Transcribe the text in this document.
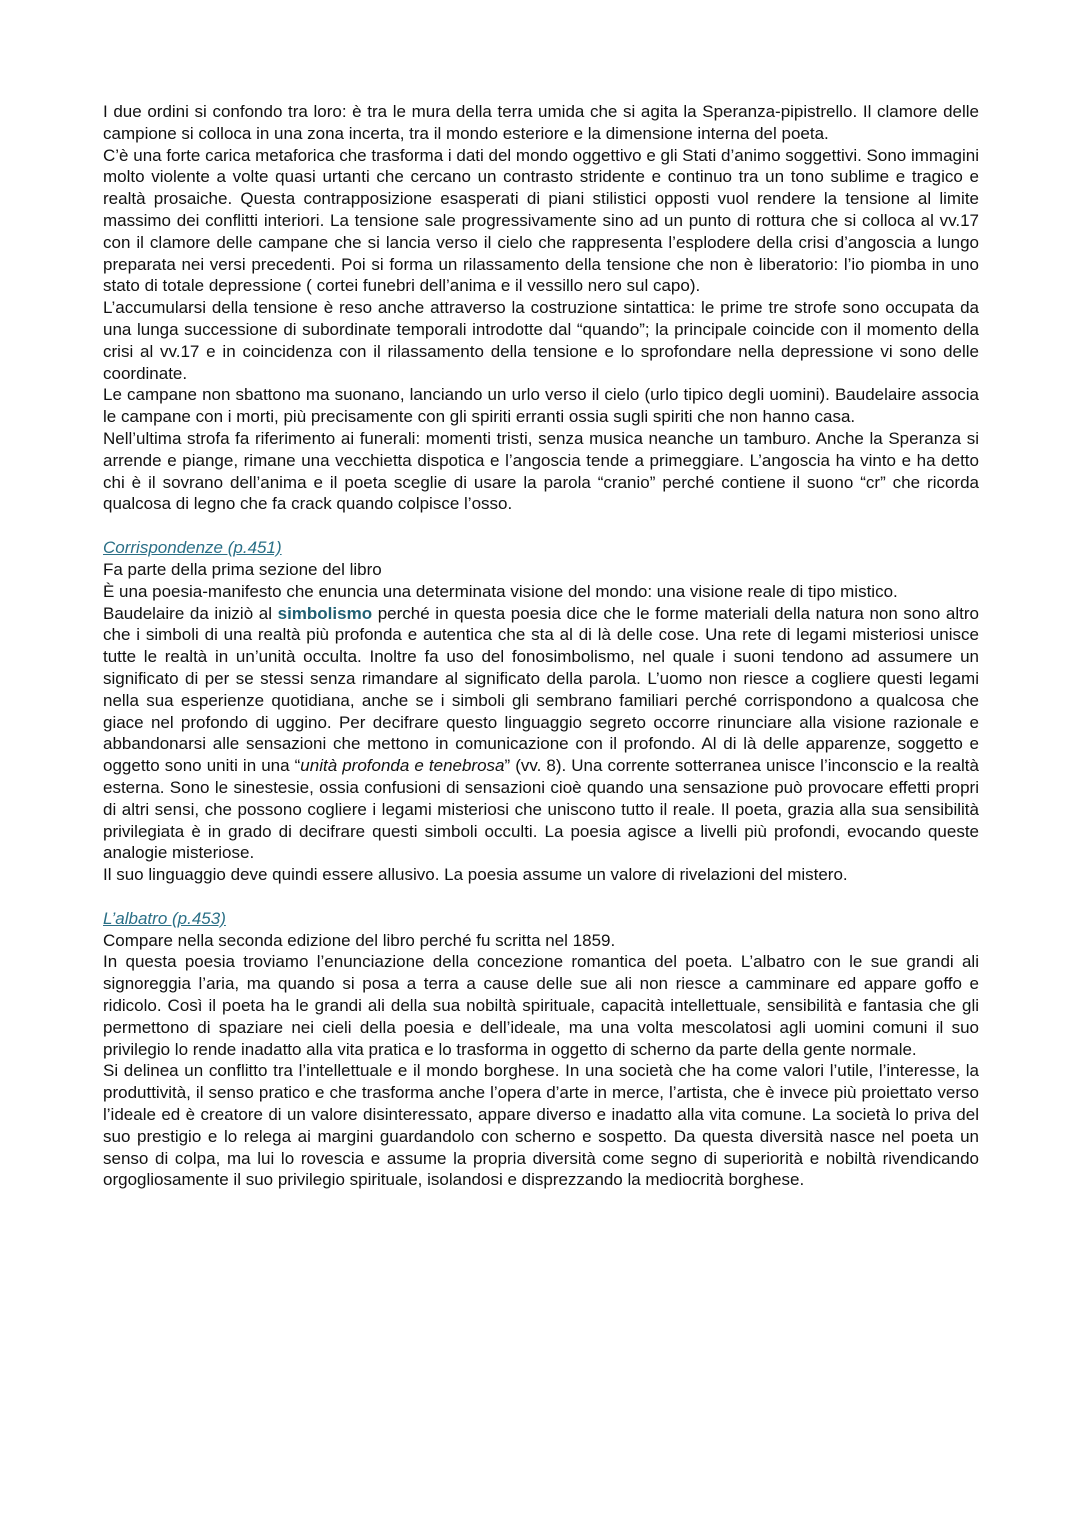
I due ordini si confondo tra loro: è tra le mura della terra umida che si agita la Speranza-pipistrello. Il clamore delle campione si colloca in una zona incerta, tra il mondo esteriore e la dimensione interna del poeta.

C’è una forte carica metaforica che trasforma i dati del mondo oggettivo e gli Stati d’animo soggettivi. Sono immagini molto violente a volte quasi urtanti che cercano un contrasto stridente e continuo tra un tono sublime e tragico e realtà prosaiche. Questa contrapposizione esasperati di piani stilistici opposti vuol rendere la tensione al limite massimo dei conflitti interiori. La tensione sale progressivamente sino ad un punto di rottura che si colloca al vv.17 con il clamore delle campane che si lancia verso il cielo che rappresenta l’esplodere della crisi d’angoscia a lungo preparata nei versi precedenti. Poi si forma un rilassamento della tensione che non è liberatorio: l’io piomba in uno stato di totale depressione ( cortei funebri dell’anima e il vessillo nero sul capo).

L’accumularsi della tensione è reso anche attraverso la costruzione sintattica: le prime tre strofe sono occupata da una lunga successione di subordinate temporali introdotte dal “quando”; la principale coincide con il momento della crisi al vv.17 e in coincidenza con il rilassamento della tensione e lo sprofondare nella depressione vi sono delle coordinate.

Le campane non sbattono ma suonano, lanciando un urlo verso il cielo (urlo tipico degli uomini). Baudelaire associa le campane con i morti, più precisamente con gli spiriti erranti ossia sugli spiriti che non hanno casa.

Nell’ultima strofa fa riferimento ai funerali: momenti tristi, senza musica neanche un tamburo. Anche la Speranza si arrende e piange, rimane una vecchietta dispotica e l’angoscia tende a primeggiare. L’angoscia ha vinto e ha detto chi è il sovrano dell’anima e il poeta sceglie di usare la parola “cranio” perché contiene il suono “cr” che ricorda qualcosa di legno che fa crack quando colpisce l’osso.

Corrispondenze (p.451)

Fa parte della prima sezione del libro

È una poesia-manifesto che enuncia una determinata visione del mondo: una visione reale di tipo mistico.

Baudelaire da iniziò al simbolismo perché in questa poesia dice che le forme materiali della natura non sono altro che i simboli di una realtà più profonda e autentica che sta al di là delle cose. Una rete di legami misteriosi unisce tutte le realtà in un’unità occulta. Inoltre fa uso del fonosimbolismo, nel quale i suoni tendono ad assumere un significato di per se stessi senza rimandare al significato della parola. L’uomo non riesce a cogliere questi legami nella sua esperienze quotidiana, anche se i simboli gli sembrano familiari perché corrispondono a qualcosa che giace nel profondo di uggino. Per decifrare questo linguaggio segreto occorre rinunciare alla visione razionale e abbandonarsi alle sensazioni che mettono in comunicazione con il profondo. Al di là delle apparenze, soggetto e oggetto sono uniti in una “unità profonda e tenebrosa” (vv. 8). Una corrente sotterranea unisce l’inconscio e la realtà esterna. Sono le sinestesie, ossia confusioni di sensazioni cioè quando una sensazione può provocare effetti propri di altri sensi, che possono cogliere i legami misteriosi che uniscono tutto il reale. Il poeta, grazia alla sua sensibilità privilegiata è in grado di decifrare questi simboli occulti. La poesia agisce a livelli più profondi, evocando queste analogie misteriose.

Il suo linguaggio deve quindi essere allusivo. La poesia assume un valore di rivelazioni del mistero.

L’albatro (p.453)

Compare nella seconda edizione del libro perché fu scritta nel 1859.

In questa poesia troviamo l’enunciazione della concezione romantica del poeta. L’albatro con le sue grandi ali signoreggia l’aria, ma quando si posa a terra a cause delle sue ali non riesce a camminare ed appare goffo e ridicolo. Così il poeta ha le grandi ali della sua nobiltà spirituale, capacità intellettuale, sensibilità e fantasia che gli permettono di spaziare nei cieli della poesia e dell’ideale, ma una volta mescolatosi agli uomini comuni il suo privilegio lo rende inadatto alla vita pratica e lo trasforma in oggetto di scherno da parte della gente normale.

Si delinea un conflitto tra l’intellettuale e il mondo borghese. In una società che ha come valori l’utile, l’interesse, la produttività, il senso pratico e che trasforma anche l’opera d’arte in merce, l’artista, che è invece più proiettato verso l’ideale ed è creatore di un valore disinteressato, appare diverso e inadatto alla vita comune. La società lo priva del suo prestigio e lo relega ai margini guardandolo con scherno e sospetto. Da questa diversità nasce nel poeta un senso di colpa, ma lui lo rovescia e assume la propria diversità come segno di superiorità e nobiltà rivendicando orgogliosamente il suo privilegio spirituale, isolandosi e disprezzando la mediocrità borghese.
